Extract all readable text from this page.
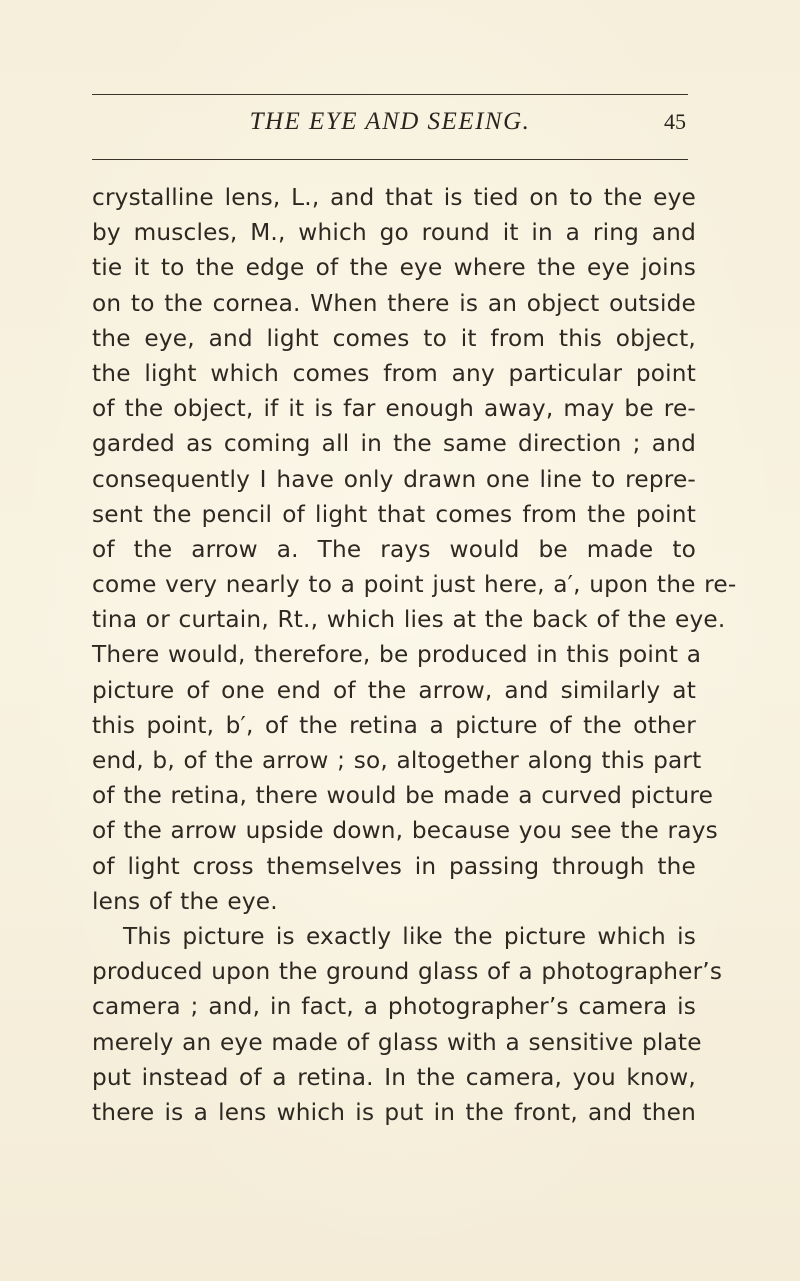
THE EYE AND SEEING.	45
crystalline lens, L., and that is tied on to the eye
by muscles, M., which go round it in a ring and
tie it to the edge of the eye where the eye joins
on to the cornea. When there is an object outside
the eye, and light comes to it from this object,
the light which comes from any particular point
of the object, if it is far enough away, may be re-
garded as coming all in the same direction ; and
consequently I have only drawn one line to repre-
sent the pencil of light that comes from the point
of the arrow a. The rays would be made to
come very nearly to a point just here, a′, upon the re-
tina or curtain, Rt., which lies at the back of the eye.
There would, therefore, be produced in this point a
picture of one end of the arrow, and similarly at
this point, b′, of the retina a picture of the other
end, b, of the arrow ; so, altogether along this part
of the retina, there would be made a curved picture
of the arrow upside down, because you see the rays
of light cross themselves in passing through the
lens of the eye.
This picture is exactly like the picture which is
produced upon the ground glass of a photographer’s
camera ; and, in fact, a photographer’s camera is
merely an eye made of glass with a sensitive plate
put instead of a retina. In the camera, you know,
there is a lens which is put in the front, and then
